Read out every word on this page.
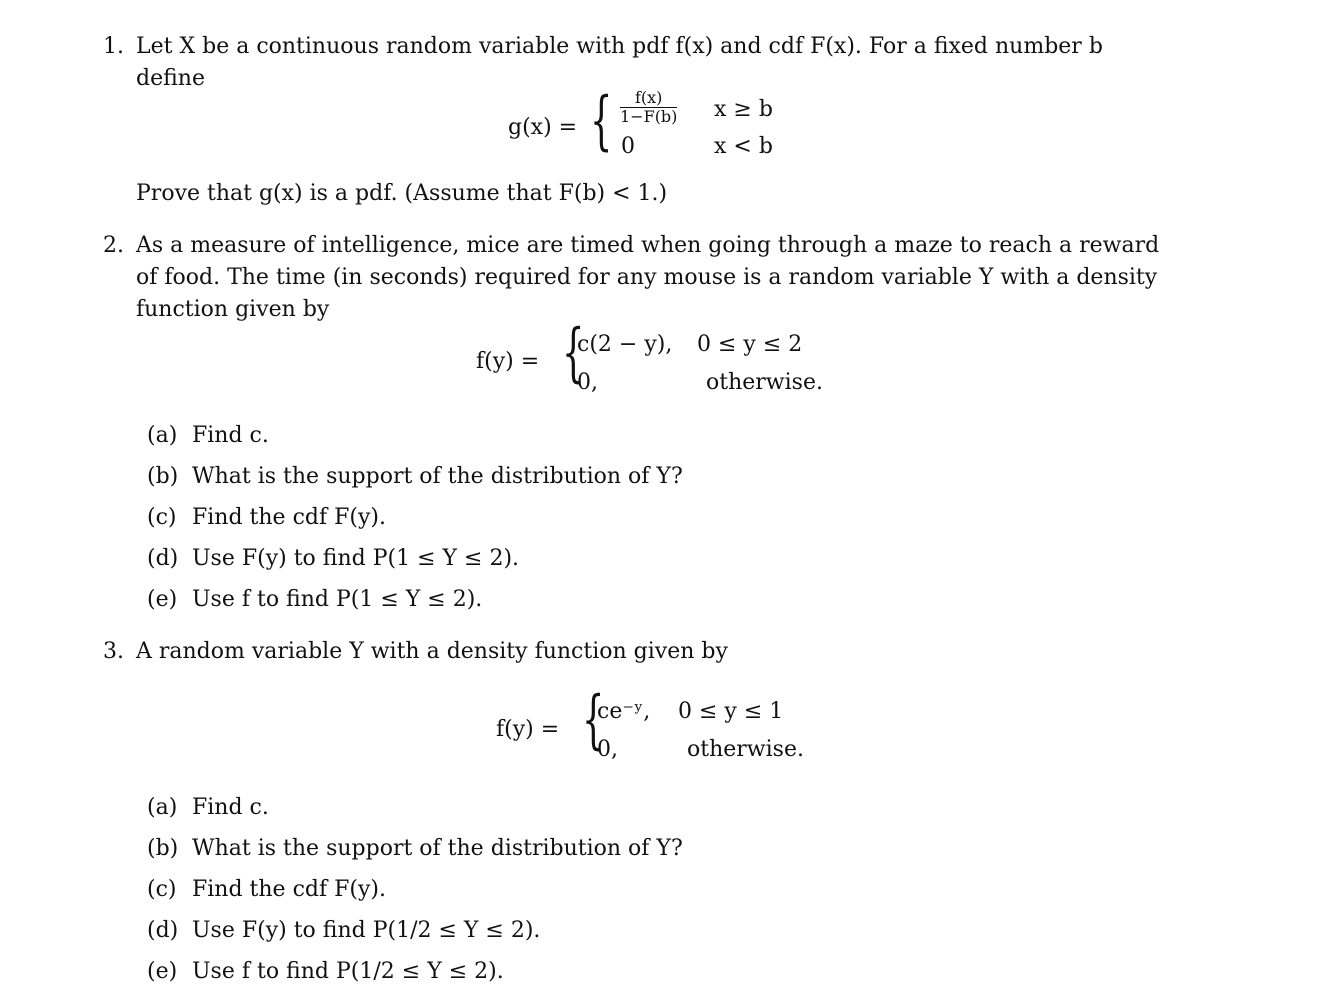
1. Let X be a continuous random variable with pdf f(x) and cdf F(x). For a fixed number b
define
g(x) = { $\frac{f(x)}{1-F(b)}$ x ≥ b
0	x < b
Prove that g(x) is a pdf. (Assume that F(b) < 1.)
2. As a measure of intelligence, mice are timed when going through a maze to reach a reward
of food. The time (in seconds) required for any mouse is a random variable Y with a density
function given by
f(y) = {
c(2 − y), 0 ≤ y ≤ 2
0,	otherwise.
(a) Find c.
(b) What is the support of the distribution of Y?
(c) Find the cdf F(y).
(d) Use F(y) to find P(1 ≤ Y ≤ 2).
(e) Use f to find P(1 ≤ Y ≤ 2).
3. A random variable Y with a density function given by
f(y) = {
ce⁻ʸ, 0 ≤ y ≤ 1
0,	otherwise.
(a) Find c.
(b) What is the support of the distribution of Y?
(c) Find the cdf F(y).
(d) Use F(y) to find P(1/2 ≤ Y ≤ 2).
(e) Use f to find P(1/2 ≤ Y ≤ 2).
